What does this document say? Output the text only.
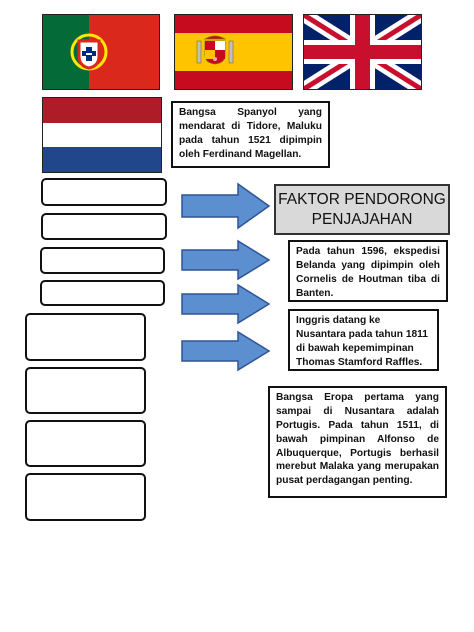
Bangsa Spanyol yang mendarat di Tidore, Maluku pada tahun 1521 dipimpin oleh Ferdinand Magellan.

FAKTOR PENDORONG
PENJAJAHAN

Pada tahun 1596, ekspedisi Belanda yang dipimpin oleh Cornelis de Houtman tiba di Banten.

Inggris datang ke Nusantara pada tahun 1811 di bawah kepemimpinan Thomas Stamford Raffles.

Bangsa Eropa pertama yang sampai di Nusantara adalah Portugis. Pada tahun 1511, di bawah pimpinan Alfonso de Albuquerque, Portugis berhasil merebut Malaka yang merupakan pusat perdagangan penting.
